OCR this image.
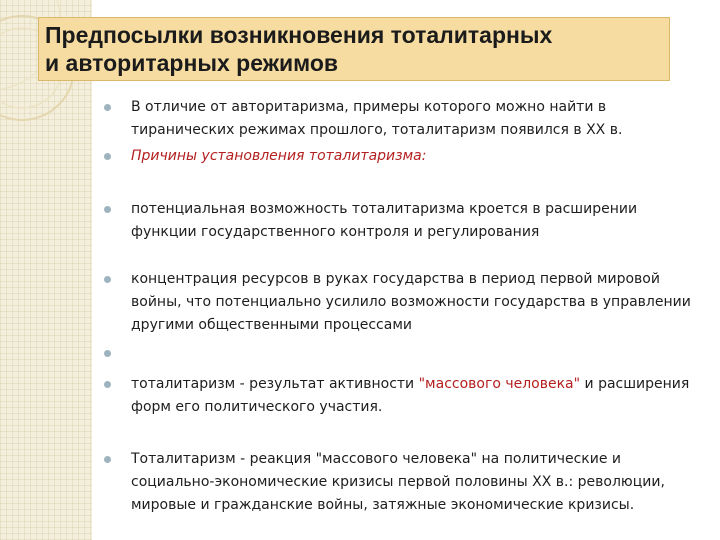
Предпосылки возникновения тоталитарных
и авторитарных режимов
В отличие от авторитаризма, примеры которого можно найти в тиранических режимах прошлого, тоталитаризм появился в XX в.
Причины установления тоталитаризма:
потенциальная возможность тоталитаризма кроется в расширении функции государственного контроля и регулирования
концентрация ресурсов в руках государства в период первой мировой войны, что потенциально усилило возможности государства в управлении другими общественными процессами
тоталитаризм - результат активности "массового человека" и расширения форм его политического участия.
Тоталитаризм - реакция "массового человека" на политические и социально-экономические кризисы первой половины XX в.: революции, мировые и гражданские войны, затяжные экономические кризисы.
